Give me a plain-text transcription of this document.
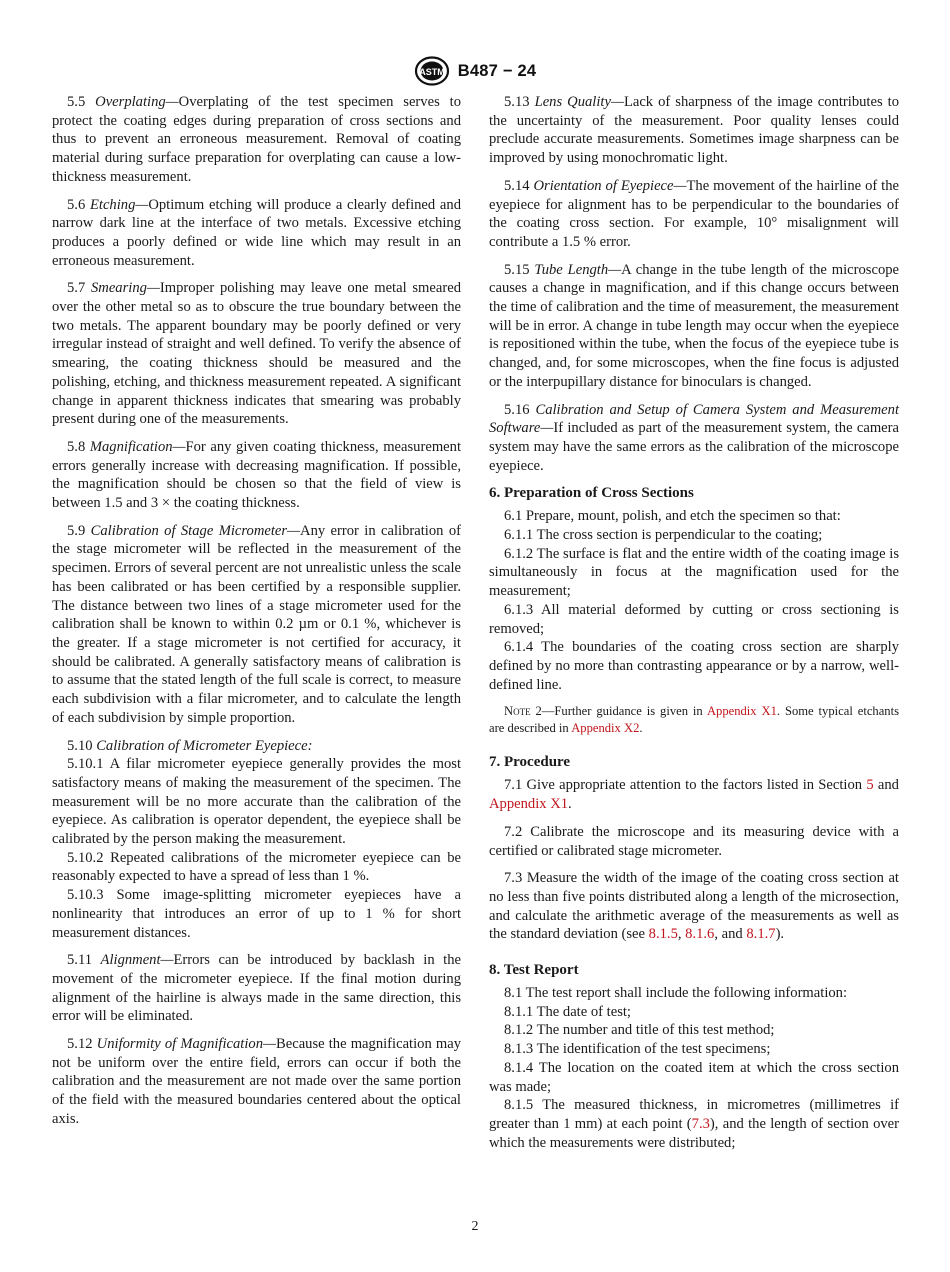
ASTM B487 − 24

5.5 Overplating—Overplating of the test specimen serves to protect the coating edges during preparation of cross sections and thus to prevent an erroneous measurement. Removal of coating material during surface preparation for overplating can cause a low-thickness measurement.

5.6 Etching—Optimum etching will produce a clearly defined and narrow dark line at the interface of two metals. Excessive etching produces a poorly defined or wide line which may result in an erroneous measurement.

5.7 Smearing—Improper polishing may leave one metal smeared over the other metal so as to obscure the true boundary between the two metals. The apparent boundary may be poorly defined or very irregular instead of straight and well defined. To verify the absence of smearing, the coating thickness should be measured and the polishing, etching, and thickness measurement repeated. A significant change in apparent thickness indicates that smearing was probably present during one of the measurements.

5.8 Magnification—For any given coating thickness, measurement errors generally increase with decreasing magnification. If possible, the magnification should be chosen so that the field of view is between 1.5 and 3 × the coating thickness.

5.9 Calibration of Stage Micrometer—Any error in calibration of the stage micrometer will be reflected in the measurement of the specimen. Errors of several percent are not unrealistic unless the scale has been calibrated or has been certified by a responsible supplier. The distance between two lines of a stage micrometer used for the calibration shall be known to within 0.2 µm or 0.1 %, whichever is the greater. If a stage micrometer is not certified for accuracy, it should be calibrated. A generally satisfactory means of calibration is to assume that the stated length of the full scale is correct, to measure each subdivision with a filar micrometer, and to calculate the length of each subdivision by simple proportion.

5.10 Calibration of Micrometer Eyepiece:

5.10.1 A filar micrometer eyepiece generally provides the most satisfactory means of making the measurement of the specimen. The measurement will be no more accurate than the calibration of the eyepiece. As calibration is operator dependent, the eyepiece shall be calibrated by the person making the measurement.

5.10.2 Repeated calibrations of the micrometer eyepiece can be reasonably expected to have a spread of less than 1 %.

5.10.3 Some image-splitting micrometer eyepieces have a nonlinearity that introduces an error of up to 1 % for short measurement distances.

5.11 Alignment—Errors can be introduced by backlash in the movement of the micrometer eyepiece. If the final motion during alignment of the hairline is always made in the same direction, this error will be eliminated.

5.12 Uniformity of Magnification—Because the magnification may not be uniform over the entire field, errors can occur if both the calibration and the measurement are not made over the same portion of the field with the measured boundaries centered about the optical axis.

5.13 Lens Quality—Lack of sharpness of the image contributes to the uncertainty of the measurement. Poor quality lenses could preclude accurate measurements. Sometimes image sharpness can be improved by using monochromatic light.

5.14 Orientation of Eyepiece—The movement of the hairline of the eyepiece for alignment has to be perpendicular to the boundaries of the coating cross section. For example, 10° misalignment will contribute a 1.5 % error.

5.15 Tube Length—A change in the tube length of the microscope causes a change in magnification, and if this change occurs between the time of calibration and the time of measurement, the measurement will be in error. A change in tube length may occur when the eyepiece is repositioned within the tube, when the focus of the eyepiece tube is changed, and, for some microscopes, when the fine focus is adjusted or the interpupillary distance for binoculars is changed.

5.16 Calibration and Setup of Camera System and Measurement Software—If included as part of the measurement system, the camera system may have the same errors as the calibration of the microscope eyepiece.

6. Preparation of Cross Sections

6.1 Prepare, mount, polish, and etch the specimen so that:

6.1.1 The cross section is perpendicular to the coating;

6.1.2 The surface is flat and the entire width of the coating image is simultaneously in focus at the magnification used for the measurement;

6.1.3 All material deformed by cutting or cross sectioning is removed;

6.1.4 The boundaries of the coating cross section are sharply defined by no more than contrasting appearance or by a narrow, well-defined line.

Note 2—Further guidance is given in Appendix X1. Some typical etchants are described in Appendix X2.
7. Procedure

7.1 Give appropriate attention to the factors listed in Section 5 and Appendix X1.

7.2 Calibrate the microscope and its measuring device with a certified or calibrated stage micrometer.

7.3 Measure the width of the image of the coating cross section at no less than five points distributed along a length of the microsection, and calculate the arithmetic average of the measurements as well as the standard deviation (see 8.1.5, 8.1.6, and 8.1.7).

8. Test Report

8.1 The test report shall include the following information:

8.1.1 The date of test;

8.1.2 The number and title of this test method;

8.1.3 The identification of the test specimens;

8.1.4 The location on the coated item at which the cross section was made;

8.1.5 The measured thickness, in micrometres (millimetres if greater than 1 mm) at each point (7.3), and the length of section over which the measurements were distributed;

2
